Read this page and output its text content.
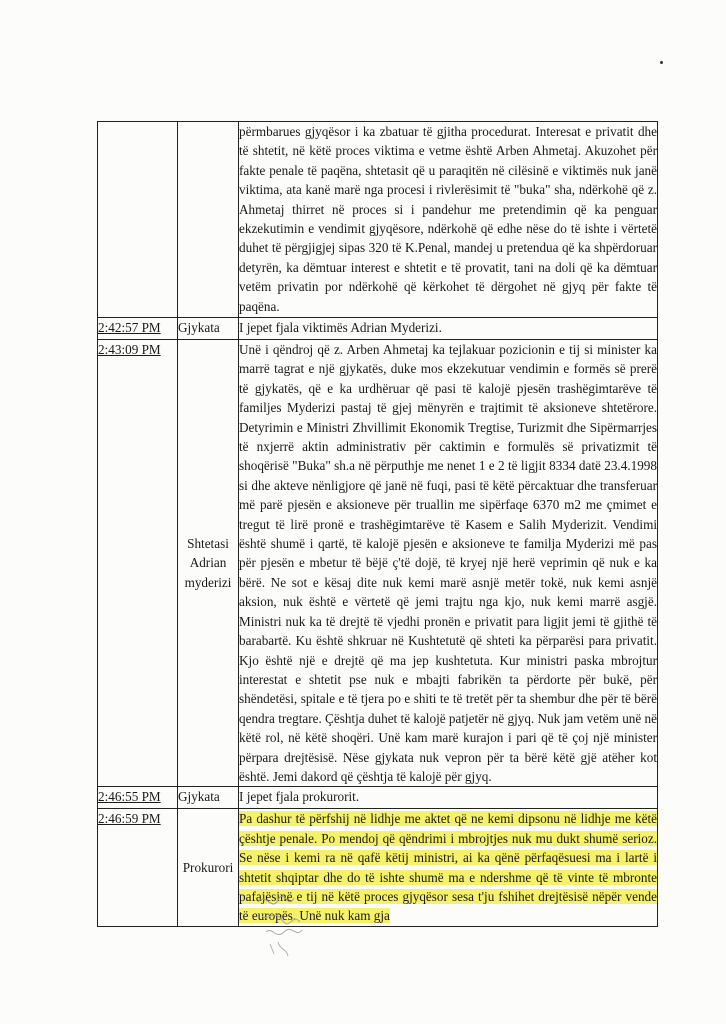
		përmbarues gjyqësor i ka zbatuar të gjitha procedurat. Interesat e privatit dhe të shtetit, në këtë proces viktima e vetme është Arben Ahmetaj. Akuzohet për fakte penale të paqëna, shtetasit që u paraqitën në cilësinë e viktimës nuk janë viktima, ata kanë marë nga procesi i rivlerësimit të "buka" sha, ndërkohë që z. Ahmetaj thirret në proces si i pandehur me pretendimin që ka penguar ekzekutimin e vendimit gjyqësore, ndërkohë që edhe nëse do të ishte i vërtetë duhet të përgjigjej sipas 320 të K.Penal, mandej u pretendua që ka shpërdoruar detyrën, ka dëmtuar interest e shtetit e të provatit, tani na doli që ka dëmtuar vetëm privatin por ndërkohë që kërkohet të dërgohet në gjyq për fakte të paqëna.
2:42:57 PM	Gjykata	I jepet fjala viktimës Adrian Myderizi.
2:43:09 PM	Shtetasi Adrian myderizi	Unë i qëndroj që z. Arben Ahmetaj ka tejlakuar pozicionin e tij si minister ka marrë tagrat e një gjykatës, duke mos ekzekutuar vendimin e formës së prerë të gjykatës, që e ka urdhëruar që pasi të kalojë pjesën trashëgimtarëve të familjes Myderizi pastaj të gjej mënyrën e trajtimit të aksioneve shtetërore. Detyrimin e Ministri Zhvillimit Ekonomik Tregtise, Turizmit dhe Sipërmarrjes të nxjerrë aktin administrativ për caktimin e formulës së privatizmit të shoqërisë "Buka" sh.a në përputhje me nenet 1 e 2 të ligjit 8334 datë 23.4.1998 si dhe akteve nënligjore që janë në fuqi, pasi të këtë përcaktuar dhe transferuar më parë pjesën e aksioneve për truallin me sipërfaqe 6370 m2 me çmimet e tregut të lirë pronë e trashëgimtarëve të Kasem e Salih Myderizit. Vendimi është shumë i qartë, të kalojë pjesën e aksioneve te familja Myderizi më pas për pjesën e mbetur të bëjë ç'të dojë, të kryej një herë veprimin që nuk e ka bërë. Ne sot e kësaj dite nuk kemi marë asnjë metër tokë, nuk kemi asnjë aksion, nuk është e vërtetë që jemi trajtu nga kjo, nuk kemi marrë asgjë. Ministri nuk ka të drejtë të vjedhi pronën e privatit para ligjit jemi të gjithë të barabartë. Ku është shkruar në Kushtetutë që shteti ka përparësi para privatit. Kjo është një e drejtë që ma jep kushtetuta. Kur ministri paska mbrojtur interestat e shtetit pse nuk e mbajti fabrikën ta përdorte për bukë, për shëndetësi, spitale e të tjera po e shiti te të tretët për ta shembur dhe për të bërë qendra tregtare. Çështja duhet të kalojë patjetër në gjyq. Nuk jam vetëm unë në këtë rol, në këtë shoqëri. Unë kam marë kurajon i pari që të çoj një minister përpara drejtësisë. Nëse gjykata nuk vepron për ta bërë këtë gjë atëher kot është. Jemi dakord që çështja të kalojë për gjyq.
2:46:55 PM	Gjykata	I jepet fjala prokurorit.
2:46:59 PM	Prokurori	Pa dashur të përfshij në lidhje me aktet që ne kemi dipsonu në lidhje me këtë çështje penale. Po mendoj që qëndrimi i mbrojtjes nuk mu dukt shumë serioz. Se nëse i kemi ra në qafë këtij ministri, ai ka qënë përfaqësuesi ma i lartë i shtetit shqiptar dhe do të ishte shumë ma e ndershme që të vinte të mbronte pafajësinë e tij në këtë proces gjyqësor sesa t'ju fshihet drejtësisë nëpër vende të europës. Unë nuk kam gja
